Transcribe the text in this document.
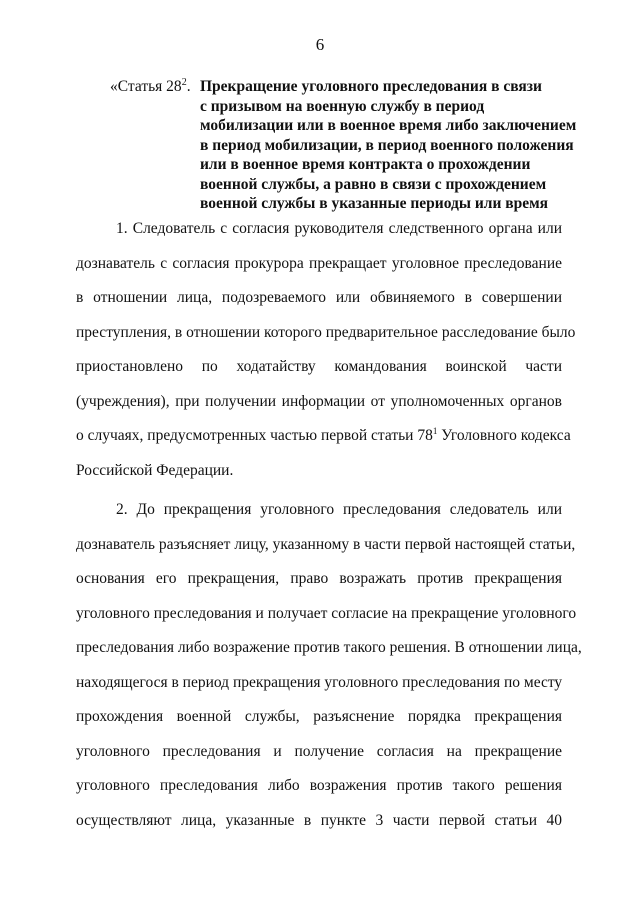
6
«Статья $28^2$. Прекращение уголовного преследования в связи
с призывом на военную службу в период
мобилизации или в военное время либо заключением
в период мобилизации, в период военного положения
или в военное время контракта о прохождении
военной службы, а равно в связи с прохождением
военной службы в указанные периоды или время
1. Следователь с согласия руководителя следственного органа или
дознаватель с согласия прокурора прекращает уголовное преследование
в отношении лица, подозреваемого или обвиняемого в совершении
преступления, в отношении которого предварительное расследование было
приостановлено по ходатайству командования воинской части
(учреждения), при получении информации от уполномоченных органов
о случаях, предусмотренных частью первой статьи $78^1$ Уголовного кодекса
Российской Федерации.
2. До прекращения уголовного преследования следователь или
дознаватель разъясняет лицу, указанному в части первой настоящей статьи,
основания его прекращения, право возражать против прекращения
уголовного преследования и получает согласие на прекращение уголовного
преследования либо возражение против такого решения. В отношении лица,
находящегося в период прекращения уголовного преследования по месту
прохождения военной службы, разъяснение порядка прекращения
уголовного преследования и получение согласия на прекращение
уголовного преследования либо возражения против такого решения
осуществляют лица, указанные в пункте 3 части первой статьи 40
